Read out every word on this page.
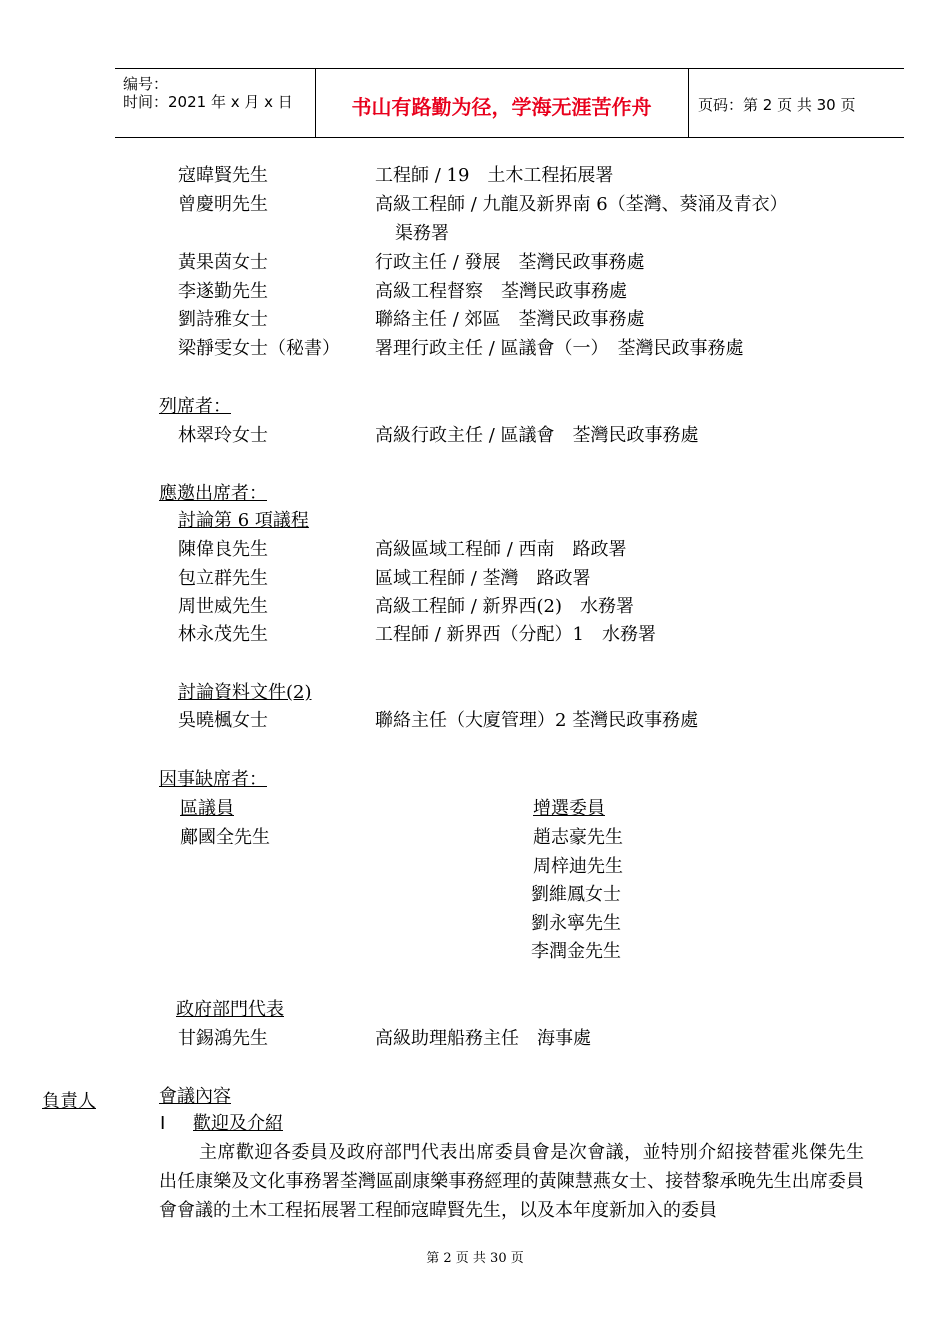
编号：
时间：2021 年 x 月 x 日	书山有路勤为径，学海无涯苦作舟	页码：第 2 页 共 30 页
寇暐賢先生	工程師 / 19　土木工程拓展署
曾慶明先生	高級工程師 / 九龍及新界南 6（荃灣、葵涌及青衣）
渠務署
黃果茵女士	行政主任 / 發展　荃灣民政事務處
李遂勤先生	高級工程督察　荃灣民政事務處
劉詩雅女士	聯絡主任 / 郊區　荃灣民政事務處
梁靜雯女士（秘書） 署理行政主任 / 區議會（一）　荃灣民政事務處
列席者：
林翠玲女士	高級行政主任 / 區議會　荃灣民政事務處
應邀出席者：
討論第 6 項議程
陳偉良先生	高級區域工程師 / 西南　路政署
包立群先生	區域工程師 / 荃灣　路政署
周世威先生	高級工程師 / 新界西(2)　水務署
林永茂先生	工程師 / 新界西（分配）1　水務署
討論資料文件(2)
吳曉楓女士	聯絡主任（大廈管理）2 荃灣民政事務處
因事缺席者：
區議員	增選委員
鄺國全先生	趙志豪先生
周梓迪先生
劉維鳳女士
劉永寧先生
李潤金先生
政府部門代表
甘錫鴻先生	高級助理船務主任　海事處
負責人	會議內容
I 歡迎及介紹
主席歡迎各委員及政府部門代表出席委員會是次會議，並特別介紹接替霍兆傑先生出任康樂及文化事務署荃灣區副康樂事務經理的黃陳慧燕女士、接替黎承晚先生出席委員會會議的土木工程拓展署工程師寇暐賢先生，以及本年度新加入的委員
第 2 页 共 30 页
